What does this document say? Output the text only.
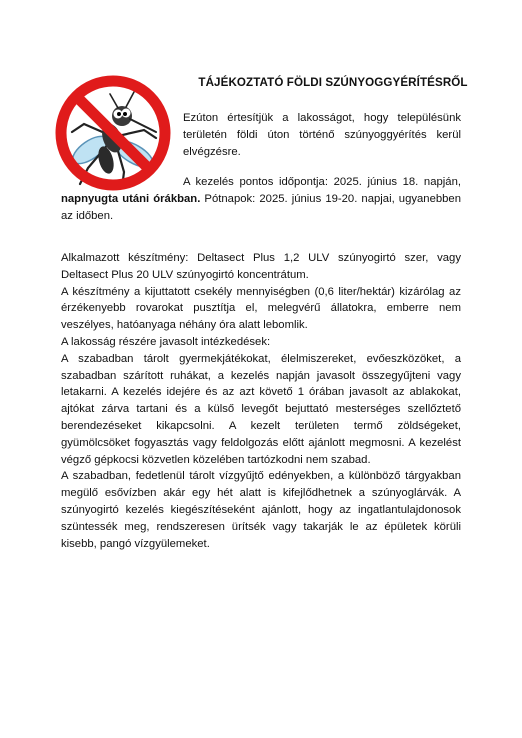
TÁJÉKOZTATÓ FÖLDI SZÚNYOGGYÉRÍTÉSRŐL

Ezúton értesítjük a lakosságot, hogy településünk területén földi úton történő szúnyoggyérítés kerül elvégzésre.

A kezelés pontos időpontja: 2025. június 18. napján, napnyugta utáni órákban. Pótnapok: 2025. június 19-20. napjai, ugyanebben az időben.

Alkalmazott készítmény: Deltasect Plus 1,2 ULV szúnyogirtó szer, vagy Deltasect Plus 20 ULV szúnyogirtó koncentrátum.
A készítmény a kijuttatott csekély mennyiségben (0,6 liter/hektár) kizárólag az érzékenyebb rovarokat pusztítja el, melegvérű állatokra, emberre nem veszélyes, hatóanyaga néhány óra alatt lebomlik.
A lakosság részére javasolt intézkedések:
A szabadban tárolt gyermekjátékokat, élelmiszereket, evőeszközöket, a szabadban szárított ruhákat, a kezelés napján javasolt összegyűjteni vagy letakarni. A kezelés idejére és az azt követő 1 órában javasolt az ablakokat, ajtókat zárva tartani és a külső levegőt bejuttató mesterséges szellőztető berendezéseket kikapcsolni. A kezelt területen termő zöldségeket, gyümölcsöket fogyasztás vagy feldolgozás előtt ajánlott megmosni. A kezelést végző gépkocsi közvetlen közelében tartózkodni nem szabad.
A szabadban, fedetlenül tárolt vízgyűjtő edényekben, a különböző tárgyakban megülő esővízben akár egy hét alatt is kifejlődhetnek a szúnyoglárvák. A szúnyogirtó kezelés kiegészítéseként ajánlott, hogy az ingatlantulajdonosok szüntessék meg, rendszeresen ürítsék vagy takarják le az épületek körüli kisebb, pangó vízgyülemeket.
